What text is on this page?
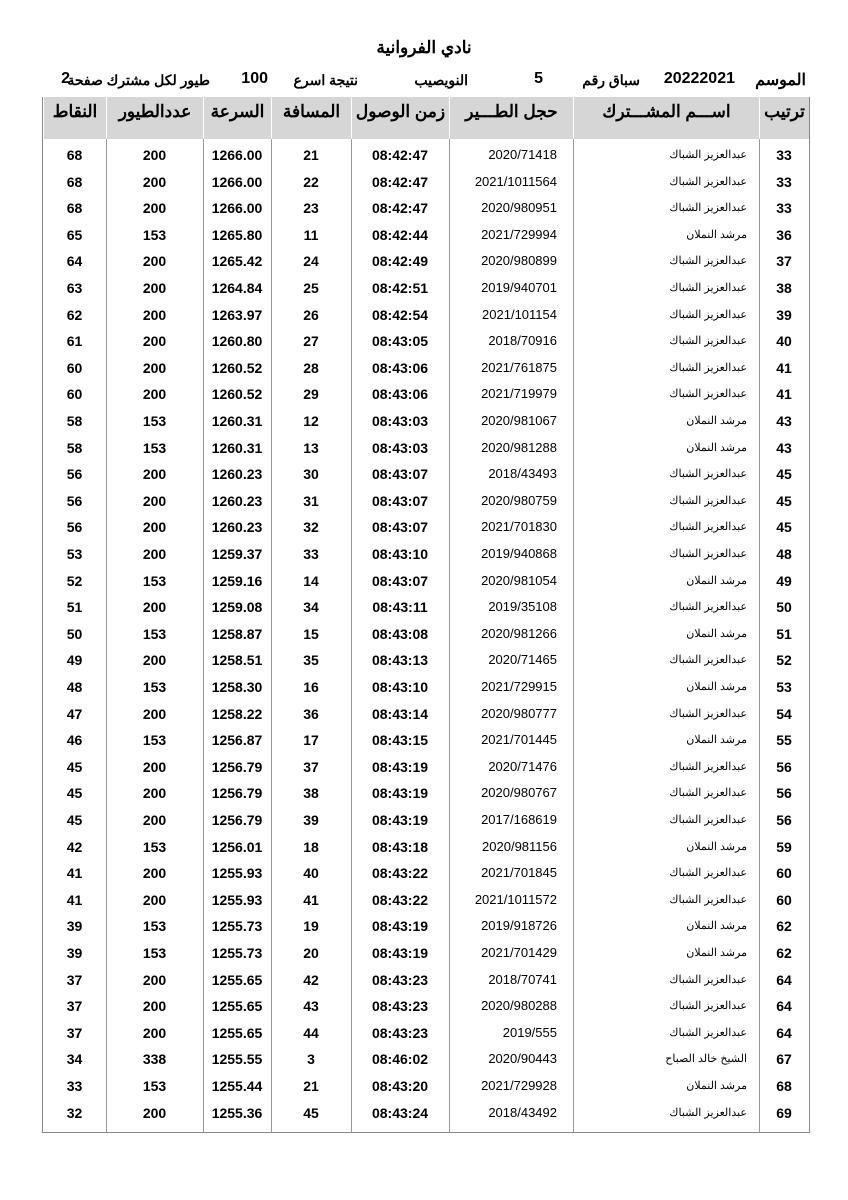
نادي الفروانية
الموسم
20222021
سباق رقم
5
النويصيب
نتيجة اسرع
100
طيور لكل مشترك صفحة
2
ترتيب
اســـم المشـــترك
حجل الطـــير
زمن الوصول
المسافة
السرعة
عددالطيور
النقاط
33
عبدالعزيز الشباك
2020/71418
08:42:47
21
1266.00
200
68
33
عبدالعزيز الشباك
2021/1011564
08:42:47
22
1266.00
200
68
33
عبدالعزيز الشباك
2020/980951
08:42:47
23
1266.00
200
68
36
مرشد النملان
2021/729994
08:42:44
11
1265.80
153
65
37
عبدالعزيز الشباك
2020/980899
08:42:49
24
1265.42
200
64
38
عبدالعزيز الشباك
2019/940701
08:42:51
25
1264.84
200
63
39
عبدالعزيز الشباك
2021/101154
08:42:54
26
1263.97
200
62
40
عبدالعزيز الشباك
2018/70916
08:43:05
27
1260.80
200
61
41
عبدالعزيز الشباك
2021/761875
08:43:06
28
1260.52
200
60
41
عبدالعزيز الشباك
2021/719979
08:43:06
29
1260.52
200
60
43
مرشد النملان
2020/981067
08:43:03
12
1260.31
153
58
43
مرشد النملان
2020/981288
08:43:03
13
1260.31
153
58
45
عبدالعزيز الشباك
2018/43493
08:43:07
30
1260.23
200
56
45
عبدالعزيز الشباك
2020/980759
08:43:07
31
1260.23
200
56
45
عبدالعزيز الشباك
2021/701830
08:43:07
32
1260.23
200
56
48
عبدالعزيز الشباك
2019/940868
08:43:10
33
1259.37
200
53
49
مرشد النملان
2020/981054
08:43:07
14
1259.16
153
52
50
عبدالعزيز الشباك
2019/35108
08:43:11
34
1259.08
200
51
51
مرشد النملان
2020/981266
08:43:08
15
1258.87
153
50
52
عبدالعزيز الشباك
2020/71465
08:43:13
35
1258.51
200
49
53
مرشد النملان
2021/729915
08:43:10
16
1258.30
153
48
54
عبدالعزيز الشباك
2020/980777
08:43:14
36
1258.22
200
47
55
مرشد النملان
2021/701445
08:43:15
17
1256.87
153
46
56
عبدالعزيز الشباك
2020/71476
08:43:19
37
1256.79
200
45
56
عبدالعزيز الشباك
2020/980767
08:43:19
38
1256.79
200
45
56
عبدالعزيز الشباك
2017/168619
08:43:19
39
1256.79
200
45
59
مرشد النملان
2020/981156
08:43:18
18
1256.01
153
42
60
عبدالعزيز الشباك
2021/701845
08:43:22
40
1255.93
200
41
60
عبدالعزيز الشباك
2021/1011572
08:43:22
41
1255.93
200
41
62
مرشد النملان
2019/918726
08:43:19
19
1255.73
153
39
62
مرشد النملان
2021/701429
08:43:19
20
1255.73
153
39
64
عبدالعزيز الشباك
2018/70741
08:43:23
42
1255.65
200
37
64
عبدالعزيز الشباك
2020/980288
08:43:23
43
1255.65
200
37
64
عبدالعزيز الشباك
2019/555
08:43:23
44
1255.65
200
37
67
الشيخ خالد الصباح
2020/90443
08:46:02
3
1255.55
338
34
68
مرشد النملان
2021/729928
08:43:20
21
1255.44
153
33
69
عبدالعزيز الشباك
2018/43492
08:43:24
45
1255.36
200
32
